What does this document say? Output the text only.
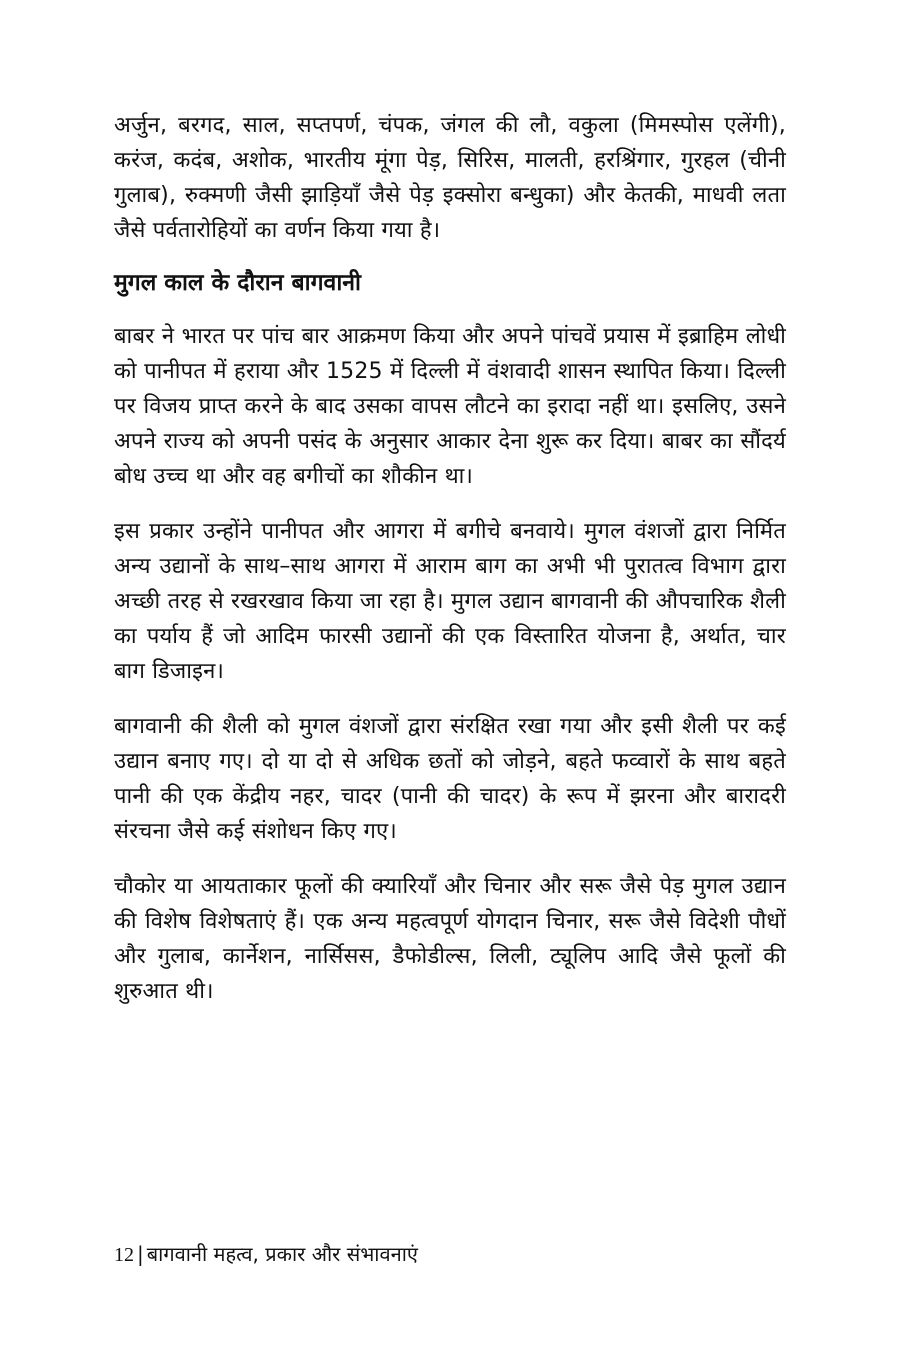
अर्जुन, बरगद, साल, सप्तपर्ण, चंपक, जंगल की लौ, वकुला (मिमस्पोस एलेंगी), करंज, कदंब, अशोक, भारतीय मूंगा पेड़, सिरिस, मालती, हरश्रिंगार, गुरहल (चीनी गुलाब), रुक्मणी जैसी झाड़ियाँ जैसे पेड़ इक्सोरा बन्धुका) और केतकी, माधवी लता जैसे पर्वतारोहियों का वर्णन किया गया है।

मुगल काल के दौरान बागवानी

बाबर ने भारत पर पांच बार आक्रमण किया और अपने पांचवें प्रयास में इब्राहिम लोधी को पानीपत में हराया और 1525 में दिल्ली में वंशवादी शासन स्थापित किया। दिल्ली पर विजय प्राप्त करने के बाद उसका वापस लौटने का इरादा नहीं था। इसलिए, उसने अपने राज्य को अपनी पसंद के अनुसार आकार देना शुरू कर दिया। बाबर का सौंदर्य बोध उच्च था और वह बगीचों का शौकीन था।

इस प्रकार उन्होंने पानीपत और आगरा में बगीचे बनवाये। मुगल वंशजों द्वारा निर्मित अन्य उद्यानों के साथ–साथ आगरा में आराम बाग का अभी भी पुरातत्व विभाग द्वारा अच्छी तरह से रखरखाव किया जा रहा है। मुगल उद्यान बागवानी की औपचारिक शैली का पर्याय हैं जो आदिम फारसी उद्यानों की एक विस्तारित योजना है, अर्थात, चार बाग डिजाइन।

बागवानी की शैली को मुगल वंशजों द्वारा संरक्षित रखा गया और इसी शैली पर कई उद्यान बनाए गए। दो या दो से अधिक छतों को जोड़ने, बहते फव्वारों के साथ बहते पानी की एक केंद्रीय नहर, चादर (पानी की चादर) के रूप में झरना और बारादरी संरचना जैसे कई संशोधन किए गए।

चौकोर या आयताकार फूलों की क्यारियाँ और चिनार और सरू जैसे पेड़ मुगल उद्यान की विशेष विशेषताएं हैं। एक अन्य महत्वपूर्ण योगदान चिनार, सरू जैसे विदेशी पौधों और गुलाब, कार्नेशन, नार्सिसस, डैफोडील्स, लिली, ट्यूलिप आदि जैसे फूलों की शुरुआत थी।

12 | बागवानी महत्व, प्रकार और संभावनाएं
